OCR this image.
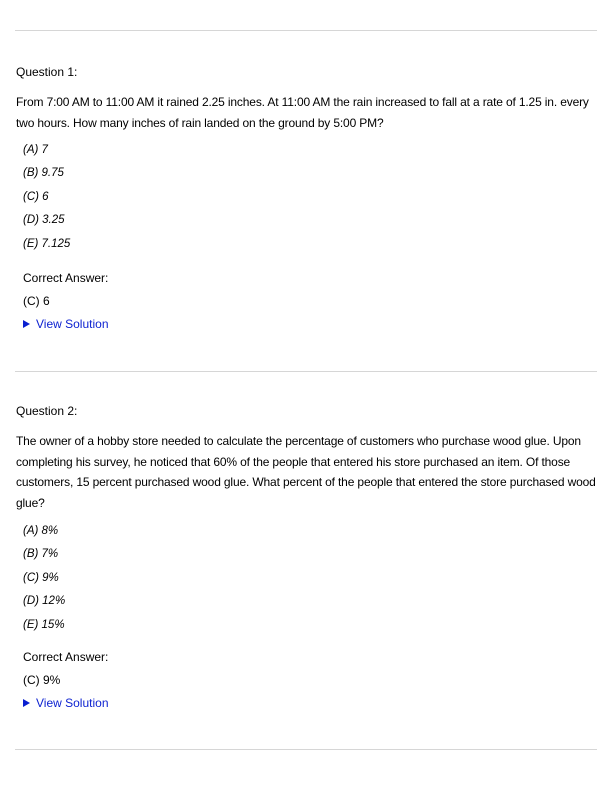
Question 1:

From 7:00 AM to 11:00 AM it rained 2.25 inches. At 11:00 AM the rain increased to fall at a rate of 1.25 in. every two hours. How many inches of rain landed on the ground by 5:00 PM?

(A) 7
(B) 9.75
(C) 6
(D) 3.25
(E) 7.125

Correct Answer:

(C) 6

View Solution

Question 2:

The owner of a hobby store needed to calculate the percentage of customers who purchase wood glue. Upon completing his survey, he noticed that 60% of the people that entered his store purchased an item. Of those customers, 15 percent purchased wood glue. What percent of the people that entered the store purchased wood glue?

(A) 8%
(B) 7%
(C) 9%
(D) 12%
(E) 15%

Correct Answer:

(C) 9%

View Solution
